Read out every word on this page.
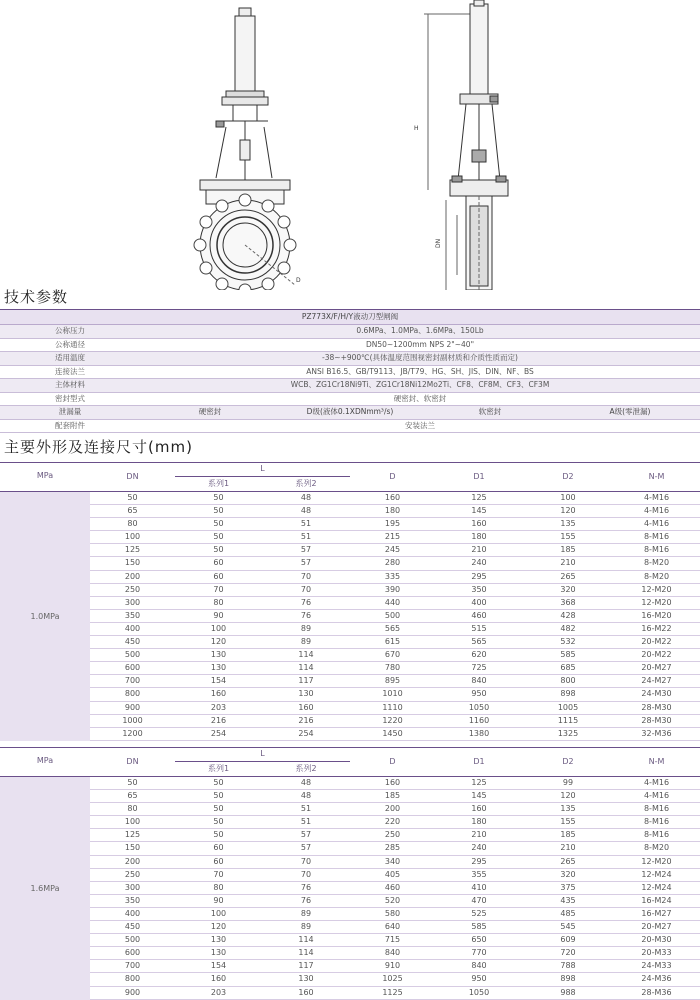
H
DN
D
技术参数
PZ773X/F/H/Y液动刀型闸阀
公称压力	0.6MPa、1.0MPa、1.6MPa、150Lb
公称通径	DN50~1200mm NPS 2"~40"
适用温度	-38~+900℃(具体温度范围视密封副材质和介质性质而定)
连接法兰	ANSI B16.5、GB/T9113、JB/T79、HG、SH、JIS、DIN、NF、BS
主体材料	WCB、ZG1Cr18Ni9Ti、ZG1Cr18Ni12Mo2Ti、CF8、CF8M、CF3、CF3M
密封型式	硬密封、软密封
泄漏量	硬密封	D级(液体0.1XDNmm³/s)	软密封	A级(零泄漏)
配套附件	安装法兰
主要外形及连接尺寸(mm)
MPa	DN
L
系列1	系列2
D	D1	D2	N-M
1.0MPa
50	50	48	160	125	100	4-M16
65	50	48	180	145	120	4-M16
80	50	51	195	160	135	4-M16
100	50	51	215	180	155	8-M16
125	50	57	245	210	185	8-M16
150	60	57	280	240	210	8-M20
200	60	70	335	295	265	8-M20
250	70	70	390	350	320	12-M20
300	80	76	440	400	368	12-M20
350	90	76	500	460	428	16-M20
400	100	89	565	515	482	16-M22
450	120	89	615	565	532	20-M22
500	130	114	670	620	585	20-M22
600	130	114	780	725	685	20-M27
700	154	117	895	840	800	24-M27
800	160	130	1010	950	898	24-M30
900	203	160	1110	1050	1005	28-M30
1000	216	216	1220	1160	1115	28-M30
1200	254	254	1450	1380	1325	32-M36
MPa	DN
L
系列1	系列2
D	D1	D2	N-M
1.6MPa
50	50	48	160	125	99	4-M16
65	50	48	185	145	120	4-M16
80	50	51	200	160	135	8-M16
100	50	51	220	180	155	8-M16
125	50	57	250	210	185	8-M16
150	60	57	285	240	210	8-M20
200	60	70	340	295	265	12-M20
250	70	70	405	355	320	12-M24
300	80	76	460	410	375	12-M24
350	90	76	520	470	435	16-M24
400	100	89	580	525	485	16-M27
450	120	89	640	585	545	20-M27
500	130	114	715	650	609	20-M30
600	130	114	840	770	720	20-M33
700	154	117	910	840	788	24-M33
800	160	130	1025	950	898	24-M36
900	203	160	1125	1050	988	28-M36
